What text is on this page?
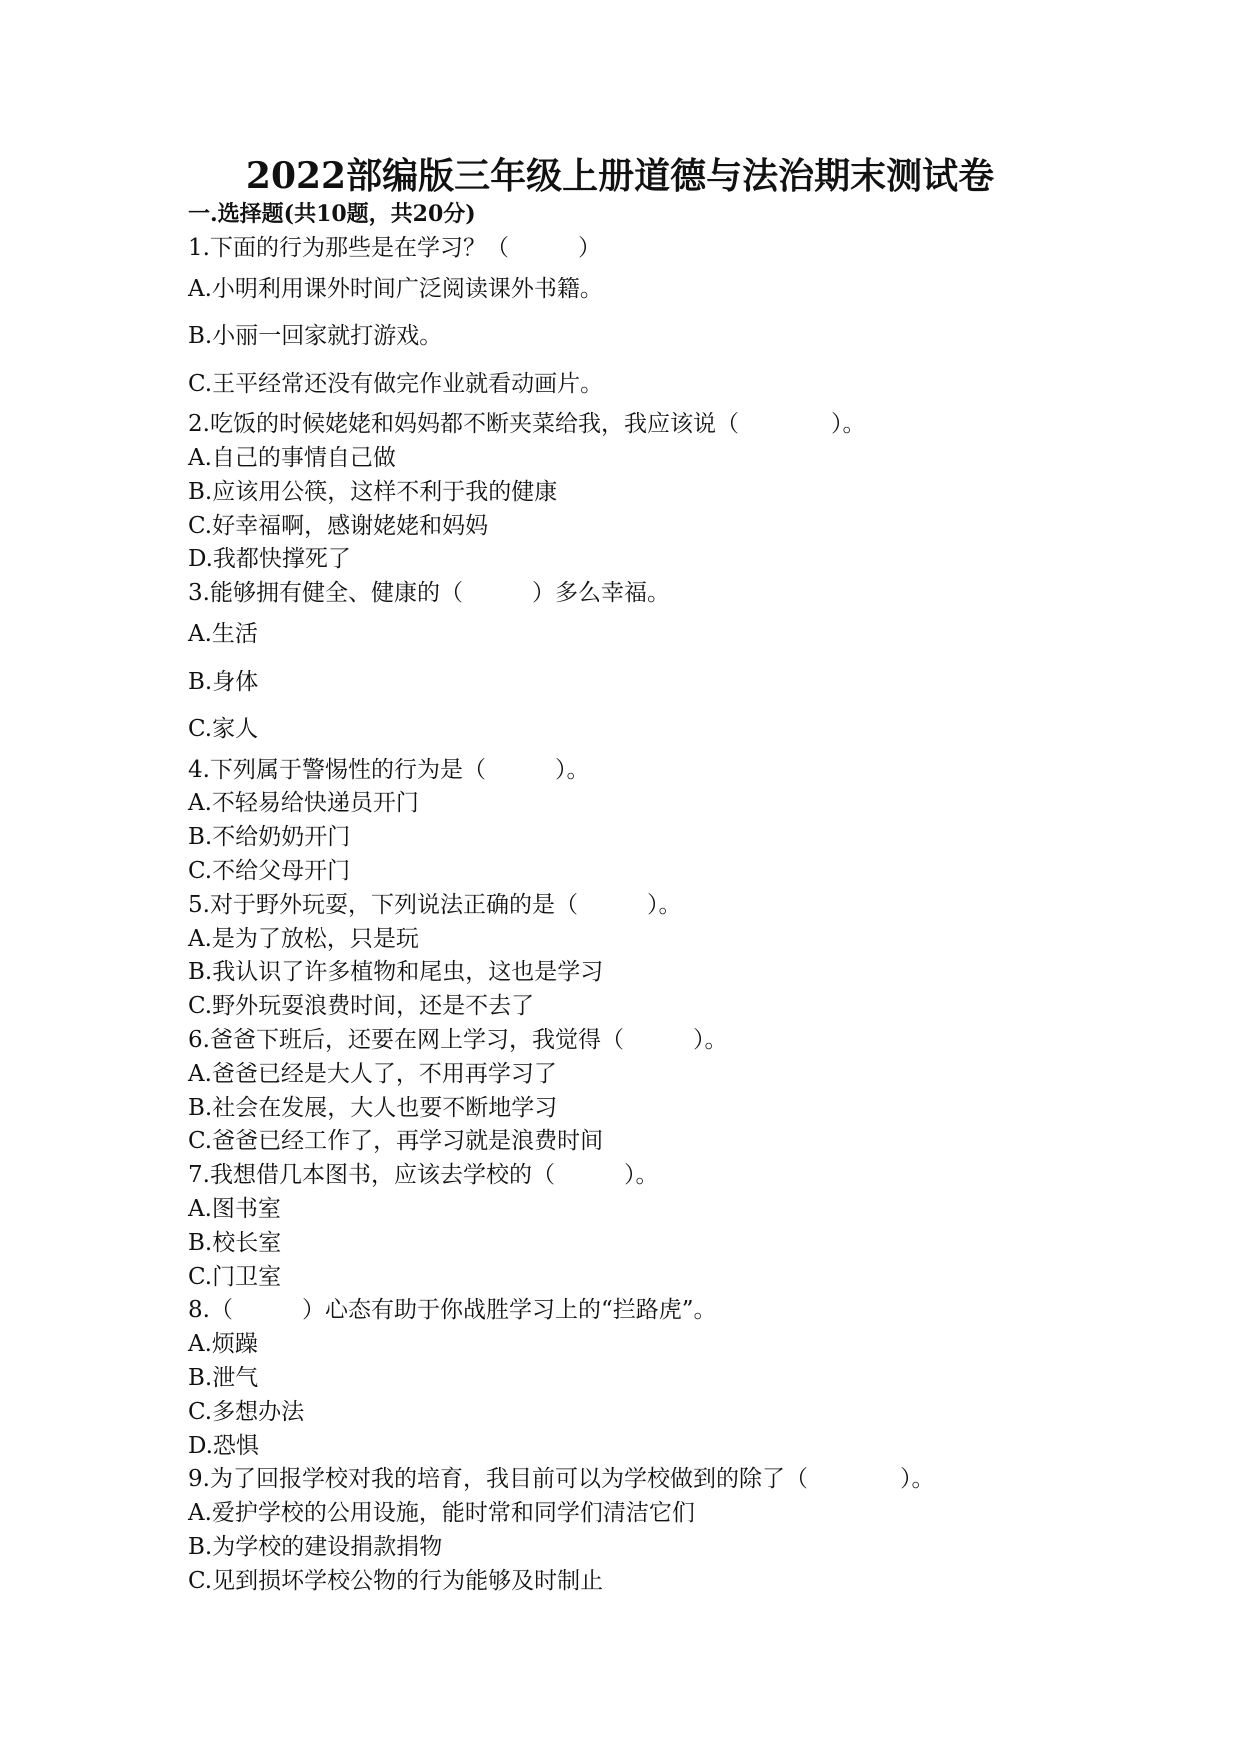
2022部编版三年级上册道德与法治期末测试卷
一.选择题(共10题，共20分)
1.下面的行为那些是在学习？（　　　）
A.小明利用课外时间广泛阅读课外书籍。
B.小丽一回家就打游戏。
C.王平经常还没有做完作业就看动画片。
2.吃饭的时候姥姥和妈妈都不断夹菜给我，我应该说（　　　　）。
A.自己的事情自己做
B.应该用公筷，这样不利于我的健康
C.好幸福啊，感谢姥姥和妈妈
D.我都快撑死了
3.能够拥有健全、健康的（　　　）多么幸福。
A.生活
B.身体
C.家人
4.下列属于警惕性的行为是（　　　）。
A.不轻易给快递员开门
B.不给奶奶开门
C.不给父母开门
5.对于野外玩耍，下列说法正确的是（　　　）。
A.是为了放松，只是玩
B.我认识了许多植物和尾虫，这也是学习
C.野外玩耍浪费时间，还是不去了
6.爸爸下班后，还要在网上学习，我觉得（　　　）。
A.爸爸已经是大人了，不用再学习了
B.社会在发展，大人也要不断地学习
C.爸爸已经工作了，再学习就是浪费时间
7.我想借几本图书，应该去学校的（　　　）。
A.图书室
B.校长室
C.门卫室
8.（　　　）心态有助于你战胜学习上的“拦路虎”。
A.烦躁
B.泄气
C.多想办法
D.恐惧
9.为了回报学校对我的培育，我目前可以为学校做到的除了（　　　　）。
A.爱护学校的公用设施，能时常和同学们清洁它们
B.为学校的建设捐款捐物
C.见到损坏学校公物的行为能够及时制止
